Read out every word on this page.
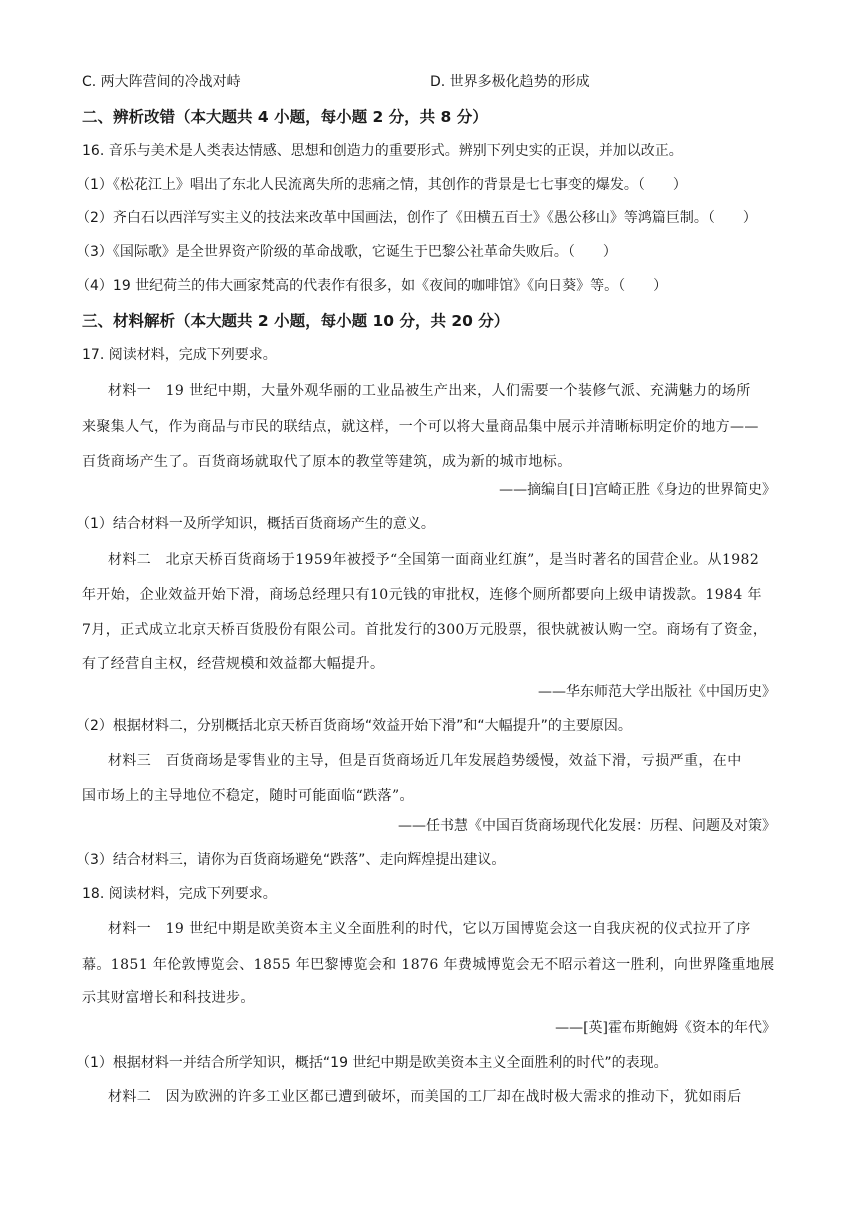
C. 两大阵营间的冷战对峙	D. 世界多极化趋势的形成
二、辨析改错（本大题共 4 小题，每小题 2 分，共 8 分）
16. 音乐与美术是人类表达情感、思想和创造力的重要形式。辨别下列史实的正误，并加以改正。
（1）《松花江上》唱出了东北人民流离失所的悲痛之情，其创作的背景是七七事变的爆发。（　　）
（2）齐白石以西洋写实主义的技法来改革中国画法，创作了《田横五百士》《愚公移山》等鸿篇巨制。（　　）
（3）《国际歌》是全世界资产阶级的革命战歌，它诞生于巴黎公社革命失败后。（　　）
（4）19 世纪荷兰的伟大画家梵高的代表作有很多，如《夜间的咖啡馆》《向日葵》等。（　　）
三、材料解析（本大题共 2 小题，每小题 10 分，共 20 分）
17. 阅读材料，完成下列要求。
材料一　19 世纪中期，大量外观华丽的工业品被生产出来，人们需要一个装修气派、充满魅力的场所
来聚集人气，作为商品与市民的联结点，就这样，一个可以将大量商品集中展示并清晰标明定价的地方——
百货商场产生了。百货商场就取代了原本的教堂等建筑，成为新的城市地标。
——摘编自[日]宫崎正胜《身边的世界简史》
（1）结合材料一及所学知识，概括百货商场产生的意义。
材料二　北京天桥百货商场于1959年被授予“全国第一面商业红旗”，是当时著名的国营企业。从1982
年开始，企业效益开始下滑，商场总经理只有10元钱的审批权，连修个厕所都要向上级申请拨款。1984 年
7月，正式成立北京天桥百货股份有限公司。首批发行的300万元股票，很快就被认购一空。商场有了资金，
有了经营自主权，经营规模和效益都大幅提升。
——华东师范大学出版社《中国历史》
（2）根据材料二，分别概括北京天桥百货商场“效益开始下滑”和“大幅提升”的主要原因。
材料三　百货商场是零售业的主导，但是百货商场近几年发展趋势缓慢，效益下滑，亏损严重，在中
国市场上的主导地位不稳定，随时可能面临“跌落”。
——任书慧《中国百货商场现代化发展：历程、问题及对策》
（3）结合材料三，请你为百货商场避免“跌落”、走向辉煌提出建议。
18. 阅读材料，完成下列要求。
材料一　19 世纪中期是欧美资本主义全面胜利的时代，它以万国博览会这一自我庆祝的仪式拉开了序
幕。1851 年伦敦博览会、1855 年巴黎博览会和 1876 年费城博览会无不昭示着这一胜利，向世界隆重地展
示其财富增长和科技进步。
——[英]霍布斯鲍姆《资本的年代》
（1）根据材料一并结合所学知识，概括“19 世纪中期是欧美资本主义全面胜利的时代”的表现。
材料二　因为欧洲的许多工业区都已遭到破坏，而美国的工厂却在战时极大需求的推动下，犹如雨后
